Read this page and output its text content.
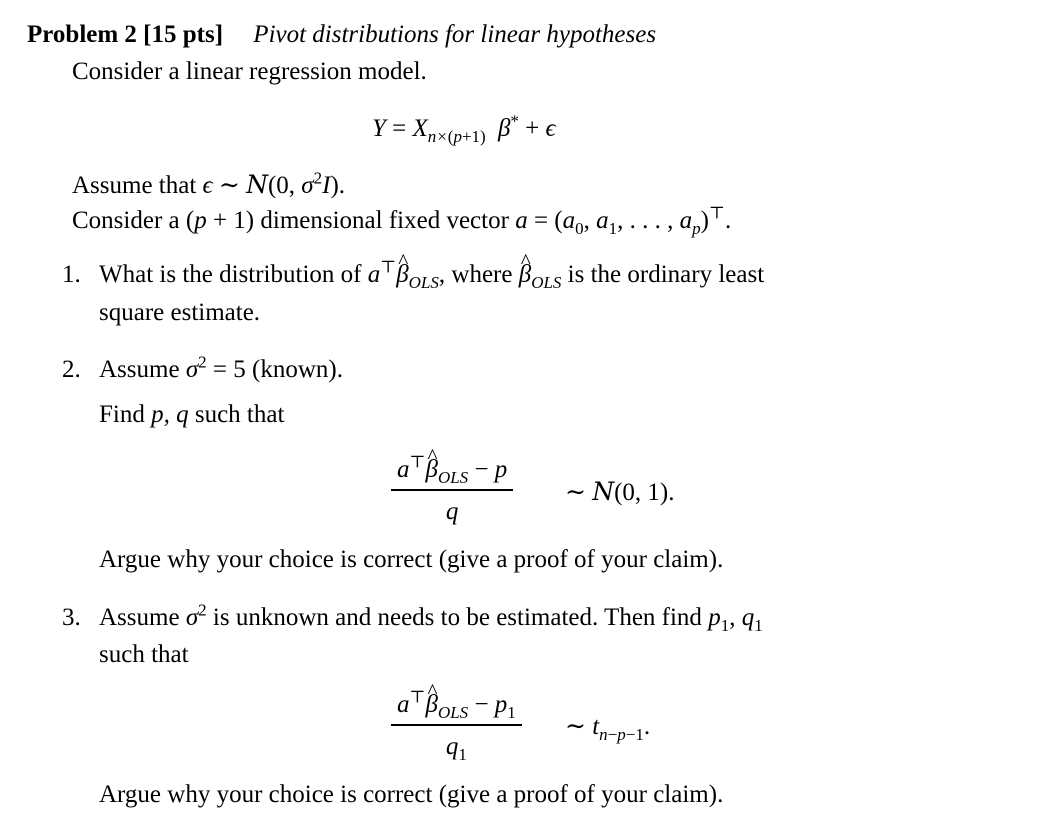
Problem 2 [15 pts] Pivot distributions for linear hypotheses
Consider a linear regression model.
$Y = X_{n\times(p+1)}$ β* + ϵ
Assume that ϵ ∼ N(0, $\sigma^2I$).
Consider a (p + 1) dimensional fixed vector $a = (a_0$, $a_1$, . . . , $a_p)^⊤$.
1. What is the distribution of a⊤^ $\beta_{OLS}$, where ^ $\beta_{OLS}$ is the ordinary least
square estimate.
2. Assume $\sigma^2 = 5$ (known).
Find p, q such that
a⊤^ $\beta_{OLS} - p$
q
∼ N(0, 1).
Argue why your choice is correct (give a proof of your claim).
3. Assume $\sigma^2$ is unknown and needs to be estimated. Then find $p_1$, $q_1$
such that
a⊤^ $\beta_{OLS} - p_1$
$q_1$
∼ $t_{n-p-1}$.
Argue why your choice is correct (give a proof of your claim).
